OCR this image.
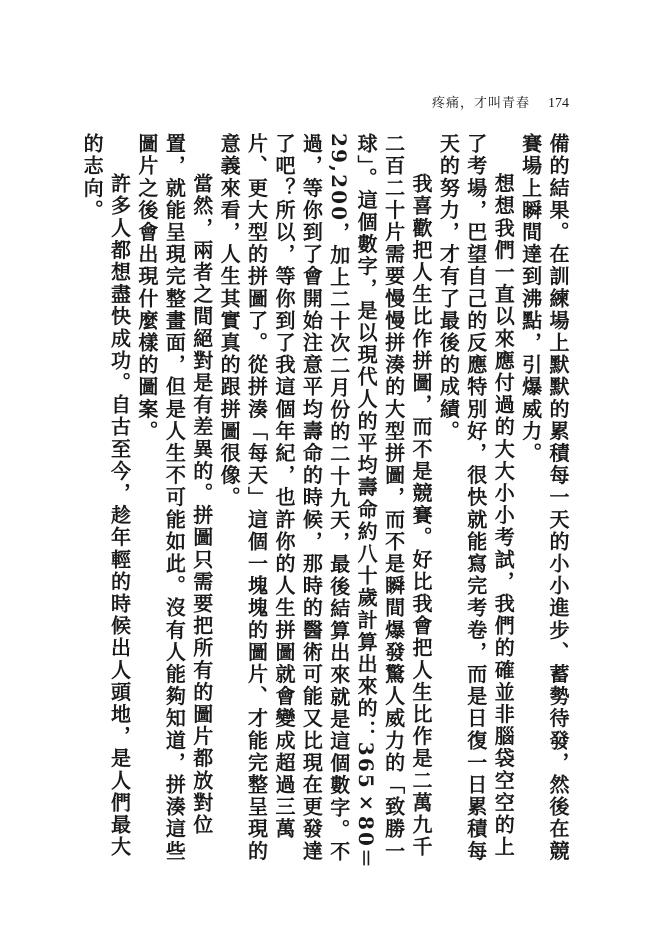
疼痛，才叫青春 174

備的結果。在訓練場上默默的累積每一天的小小進步、蓄勢待發，然後在競賽場上瞬間達到沸點，引爆威力。

想想我們一直以來應付過的大大小小考試，我們的確並非腦袋空空的上了考場，巴望自己的反應特別好，很快就能寫完考卷，而是日復一日累積每天的努力，才有了最後的成績。

我喜歡把人生比作拼圖，而不是競賽。好比我會把人生比作是二萬九千二百二十片需要慢慢拼湊的大型拼圖，而不是瞬間爆發驚人威力的「致勝一球」。這個數字，是以現代人的平均壽命約八十歲計算出來的：365×80＝29,200，加上二十次二月份的二十九天，最後結算出來就是這個數字。不過，等你到了會開始注意平均壽命的時候，那時的醫術可能又比現在更發達了吧？所以，等你到了我這個年紀，也許你的人生拼圖就會變成超過三萬片、更大型的拼圖了。從拼湊「每天」這個一塊塊的圖片、才能完整呈現的意義來看，人生其實真的跟拼圖很像。

當然，兩者之間絕對是有差異的。拼圖只需要把所有的圖片都放對位置，就能呈現完整畫面，但是人生不可能如此。沒有人能夠知道，拼湊這些圖片之後會出現什麼樣的圖案。

許多人都想盡快成功。自古至今，趁年輕的時候出人頭地，是人們最大的志向。
